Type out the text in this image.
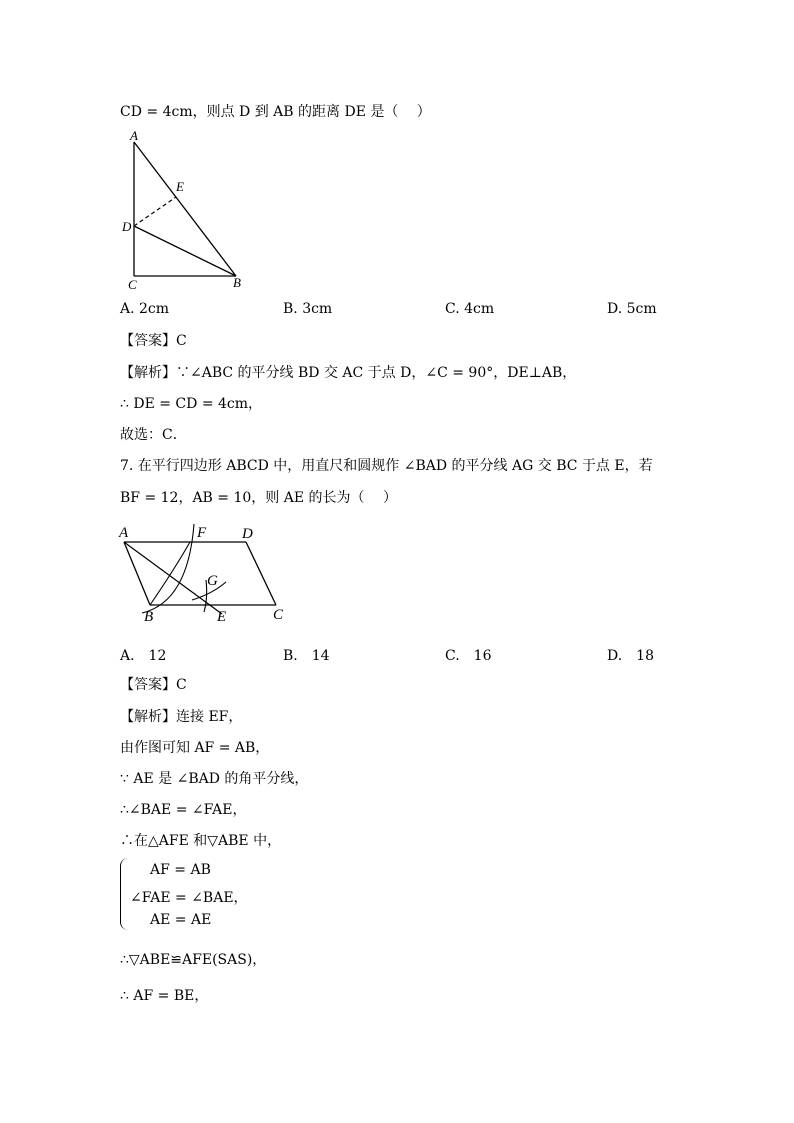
CD = 4cm，则点 D 到 AB 的距离 DE 是（　 ）
A
E
D
C	B
A. 2cm	B. 3cm	C. 4cm	D. 5cm
【答案】C
【解析】∵∠ABC 的平分线 BD 交 AC 于点 D，∠C = 90°，DE⊥AB，
∴ DE = CD = 4cm，
故选：C．
7. 在平行四边形 ABCD 中，用直尺和圆规作 ∠BAD 的平分线 AG 交 BC 于点 E，若
BF = 12，AB = 10，则 AE 的长为（　 ）
A	F D
G
B	E	C
A.　12	B.　14	C.　16	D.　18
【答案】C
【解析】连接 EF，
由作图可知 AF = AB，
∵ AE 是 ∠BAD 的角平分线，
∴∠BAE = ∠FAE，
∴在△AFE 和▽ABE 中，
AF = AB
∠FAE = ∠BAE，
AE = AE
∴▽ABE≌AFE(SAS)，
∴ AF = BE，
